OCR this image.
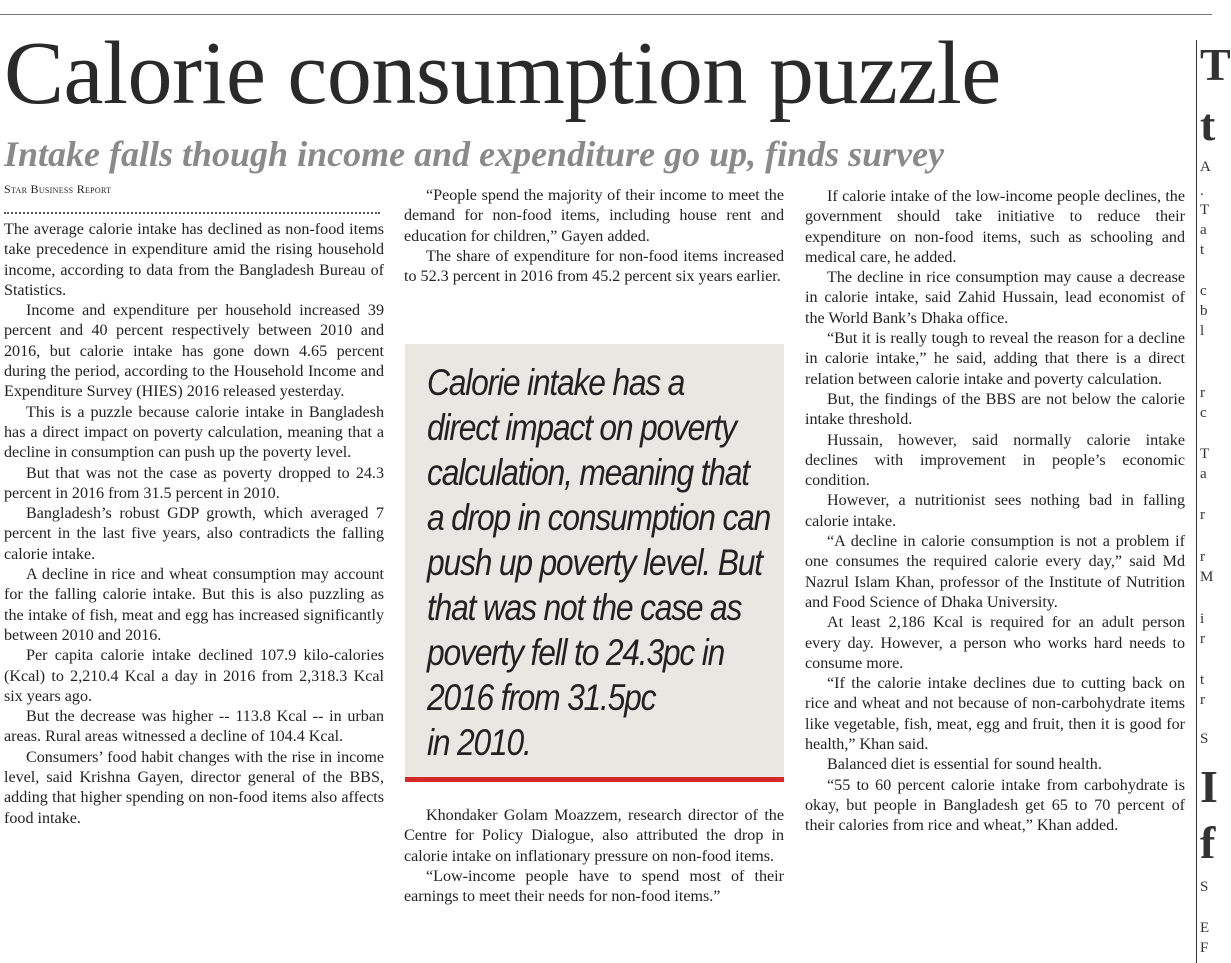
Calorie consumption puzzle
Intake falls though income and expenditure go up, finds survey
Star Business Report

The average calorie intake has declined as non-food items take precedence in expenditure amid the rising household income, according to data from the Bangladesh Bureau of Statistics.

Income and expenditure per household increased 39 percent and 40 percent respectively between 2010 and 2016, but calorie intake has gone down 4.65 percent during the period, according to the Household Income and Expenditure Survey (HIES) 2016 released yesterday.

This is a puzzle because calorie intake in Bangladesh has a direct impact on poverty calculation, meaning that a decline in consumption can push up the poverty level.

But that was not the case as poverty dropped to 24.3 percent in 2016 from 31.5 percent in 2010.

Bangladesh’s robust GDP growth, which averaged 7 percent in the last five years, also contradicts the falling calorie intake.

A decline in rice and wheat consumption may account for the falling calorie intake. But this is also puzzling as the intake of fish, meat and egg has increased significantly between 2010 and 2016.

Per capita calorie intake declined 107.9 kilo-calories (Kcal) to 2,210.4 Kcal a day in 2016 from 2,318.3 Kcal six years ago.

But the decrease was higher -- 113.8 Kcal -- in urban areas. Rural areas witnessed a decline of 104.4 Kcal.

Consumers’ food habit changes with the rise in income level, said Krishna Gayen, director general of the BBS, adding that higher spending on non-food items also affects food intake.

“People spend the majority of their income to meet the demand for non-food items, including house rent and education for children,” Gayen added.

The share of expenditure for non-food items increased to 52.3 percent in 2016 from 45.2 percent six years earlier.

Calorie intake has a
direct impact on poverty
calculation, meaning that
a drop in consumption can
push up poverty level. But
that was not the case as
poverty fell to 24.3pc in
2016 from 31.5pc
in 2010.

Khondaker Golam Moazzem, research director of the Centre for Policy Dialogue, also attributed the drop in calorie intake on inflationary pressure on non-food items.

“Low-income people have to spend most of their earnings to meet their needs for non-food items.”

If calorie intake of the low-income people declines, the government should take initiative to reduce their expenditure on non-food items, such as schooling and medical care, he added.

The decline in rice consumption may cause a decrease in calorie intake, said Zahid Hussain, lead economist of the World Bank’s Dhaka office.

“But it is really tough to reveal the reason for a decline in calorie intake,” he said, adding that there is a direct relation between calorie intake and poverty calculation.

But, the findings of the BBS are not below the calorie intake threshold.

Hussain, however, said normally calorie intake declines with improvement in people’s economic condition.

However, a nutritionist sees nothing bad in falling calorie intake.

“A decline in calorie consumption is not a problem if one consumes the required calorie every day,” said Md Nazrul Islam Khan, professor of the Institute of Nutrition and Food Science of Dhaka University.

At least 2,186 Kcal is required for an adult person every day. However, a person who works hard needs to consume more.

“If the calorie intake declines due to cutting back on rice and wheat and not because of non-carbohydrate items like vegetable, fish, meat, egg and fruit, then it is good for health,” Khan said.

Balanced diet is essential for sound health.

“55 to 60 percent calorie intake from carbohydrate is okay, but people in Bangladesh get 65 to 70 percent of their calories from rice and wheat,” Khan added.

T
t
A
.
T
a
t
c
b
l
r
c
T
a
r
r
M
i
r
t
r
S
I
f
S
E
F
